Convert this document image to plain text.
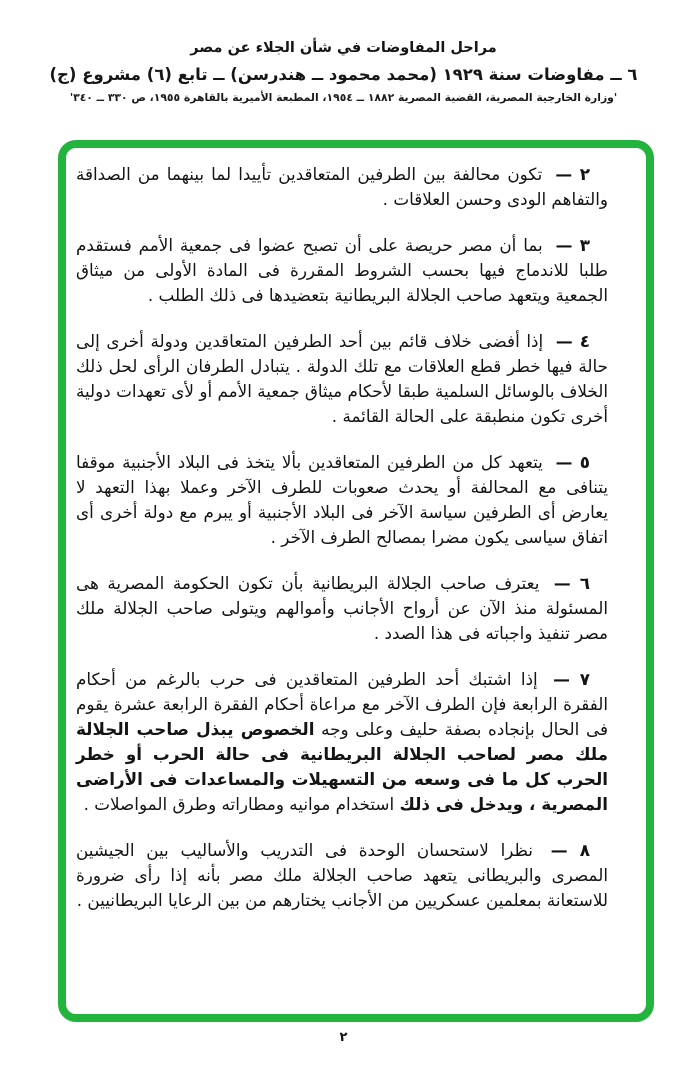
مراحل المفاوضات في شأن الجلاء عن مصر
٦ ــ مفاوضات سنة ١٩٢٩ (محمد محمود ــ هندرسن) ــ تابع (٦) مشروع (ج)
'وزارة الخارجية المصرية، القضية المصرية ١٨٨٢ ــ ١٩٥٤، المطبعة الأميرية بالقاهرة ١٩٥٥، ص ٣٣٠ ــ ٣٤٠'

٢ — تكون محالفة بين الطرفين المتعاقدين تأييدا لما بينهما من الصداقة والتفاهم الودى وحسن العلاقات .

٣ — بما أن مصر حريصة على أن تصبح عضوا فى جمعية الأمم فستقدم طلبا للاندماج فيها بحسب الشروط المقررة فى المادة الأولى من ميثاق الجمعية ويتعهد صاحب الجلالة البريطانية بتعضيدها فى ذلك الطلب .

٤ — إذا أفضى خلاف قائم بين أحد الطرفين المتعاقدين ودولة أخرى إلى حالة فيها خطر قطع العلاقات مع تلك الدولة . يتبادل الطرفان الرأى لحل ذلك الخلاف بالوسائل السلمية طبقا لأحكام ميثاق جمعية الأمم أو لأى تعهدات دولية أخرى تكون منطبقة على الحالة القائمة .

٥ — يتعهد كل من الطرفين المتعاقدين بألا يتخذ فى البلاد الأجنبية موقفا يتنافى مع المحالفة أو يحدث صعوبات للطرف الآخر وعملا بهذا التعهد لا يعارض أى الطرفين سياسة الآخر فى البلاد الأجنبية أو يبرم مع دولة أخرى أى اتفاق سياسى يكون مضرا بمصالح الطرف الآخر .

٦ — يعترف صاحب الجلالة البريطانية بأن تكون الحكومة المصرية هى المسئولة منذ الآن عن أرواح الأجانب وأموالهم ويتولى صاحب الجلالة ملك مصر تنفيذ واجباته فى هذا الصدد .

٧ — إذا اشتبك أحد الطرفين المتعاقدين فى حرب بالرغم من أحكام الفقرة الرابعة فإن الطرف الآخر مع مراعاة أحكام الفقرة الرابعة عشرة يقوم فى الحال بإنجاده بصفة حليف وعلى وجه الخصوص يبذل صاحب الجلالة ملك مصر لصاحب الجلالة البريطانية فى حالة الحرب أو خطر الحرب كل ما فى وسعه من التسهيلات والمساعدات فى الأراضى المصرية ، ويدخل فى ذلك استخدام موانيه ومطاراته وطرق المواصلات .

٨ — نظرا لاستحسان الوحدة فى التدريب والأساليب بين الجيشين المصرى والبريطانى يتعهد صاحب الجلالة ملك مصر بأنه إذا رأى ضرورة للاستعانة بمعلمين عسكريين من الأجانب يختارهم من بين الرعايا البريطانيين .

٢
